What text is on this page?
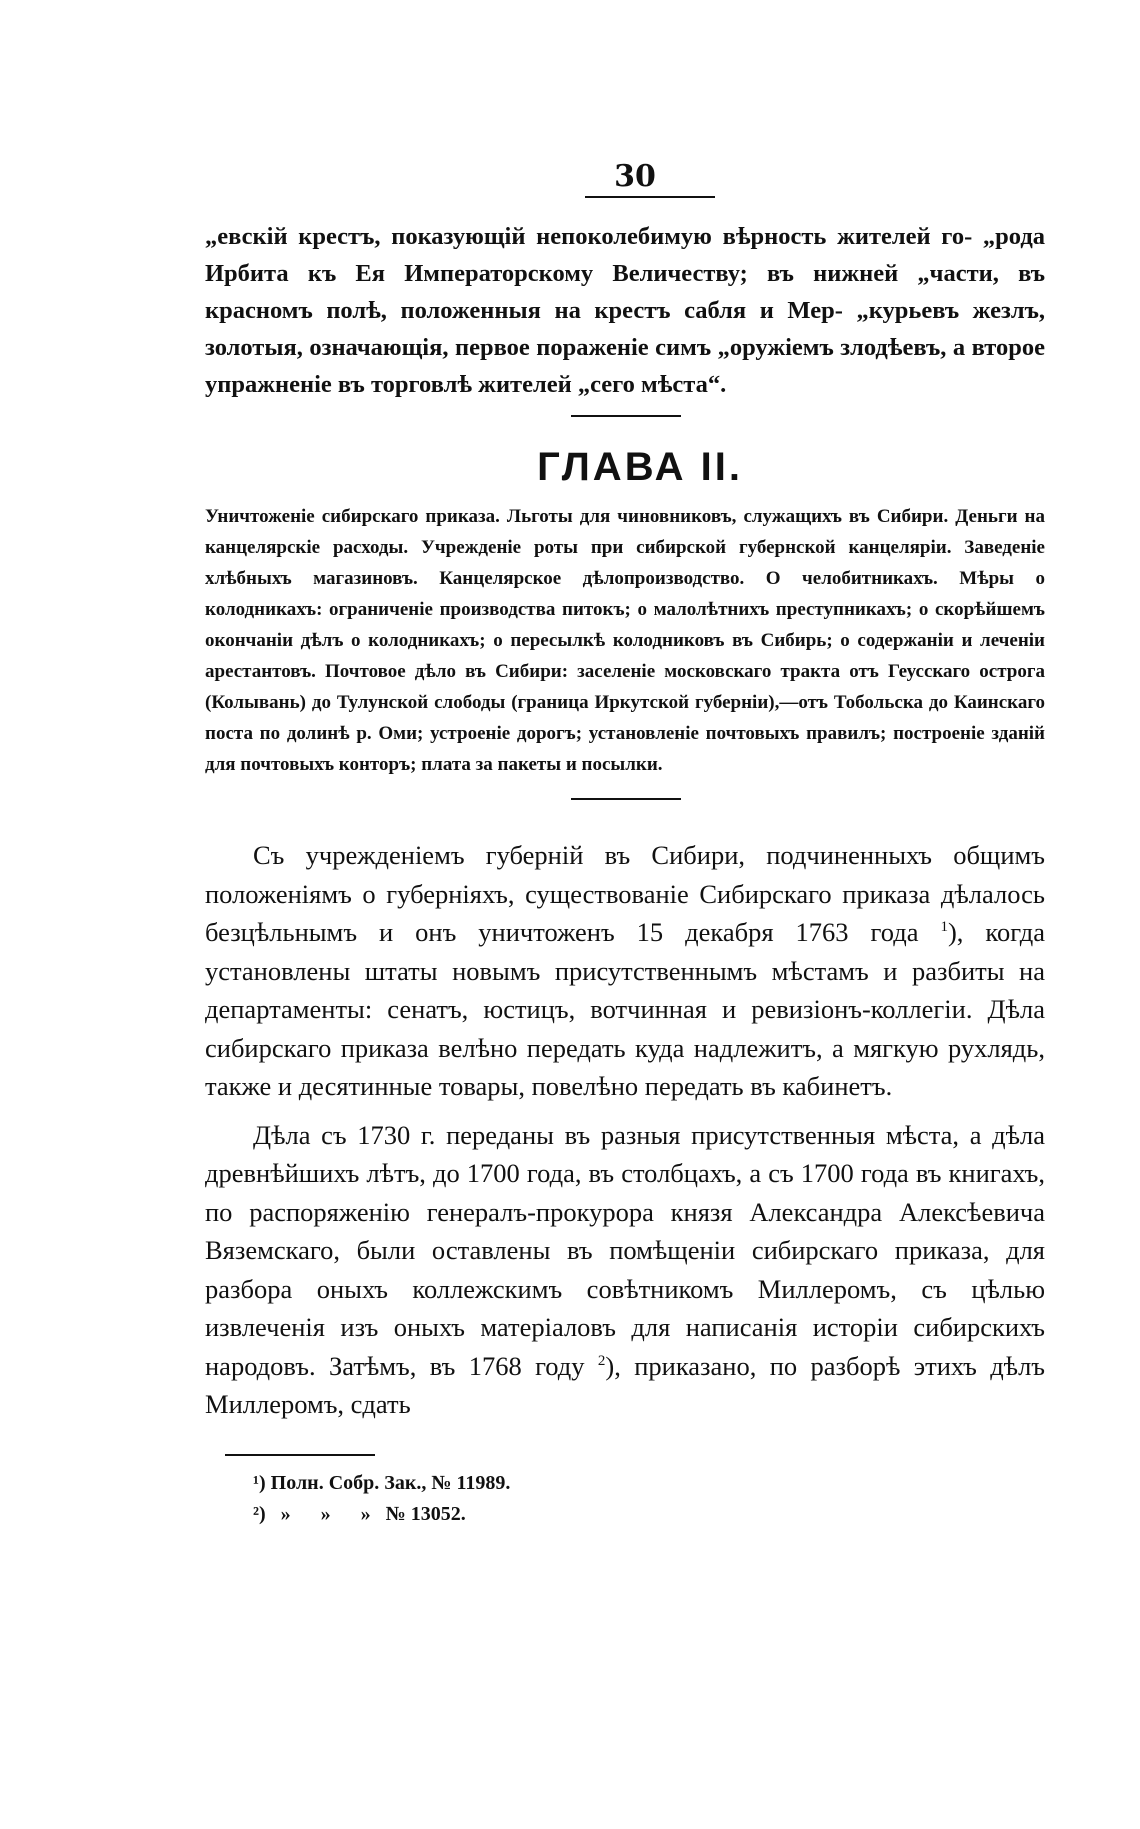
30

„евскій крестъ, показующій непоколебимую вѣрность жителей го- „рода Ирбита къ Ея Императорскому Величеству; въ нижней „части, въ красномъ полѣ, положенныя на крестъ сабля и Мер- „курьевъ жезлъ, золотыя, означающія, первое пораженіе симъ „оружіемъ злодѣевъ, а второе упражненіе въ торговлѣ жителей „сего мѣста“.

ГЛАВА II.

Уничтоженіе сибирскаго приказа. Льготы для чиновниковъ, служащихъ въ Сибири. Деньги на канцелярскіе расходы. Учрежденіе роты при сибирской губернской канцеляріи. Заведеніе хлѣбныхъ магазиновъ. Канцелярское дѣлопроизводство. О челобитникахъ. Мѣры о колодникахъ: ограниченіе производства питокъ; о малолѣтнихъ преступникахъ; о скорѣйшемъ окончаніи дѣлъ о колодникахъ; о пересылкѣ колодниковъ въ Сибирь; о содержаніи и леченіи арестантовъ. Почтовое дѣло въ Сибири: заселеніе московскаго тракта отъ Геусскаго острога (Колывань) до Тулунской слободы (граница Иркутской губерніи),—отъ Тобольска до Каинскаго поста по долинѣ р. Оми; устроеніе дорогъ; установленіе почтовыхъ правилъ; построеніе зданій для почтовыхъ конторъ; плата за пакеты и посылки.

Съ учрежденіемъ губерній въ Сибири, подчиненныхъ общимъ положеніямъ о губерніяхъ, существованіе Сибирскаго приказа дѣлалось безцѣльнымъ и онъ уничтоженъ 15 декабря 1763 года $^1$), когда установлены штаты новымъ присутственнымъ мѣстамъ и разбиты на департаменты: сенатъ, юстицъ, вотчинная и ревизіонъ-коллегіи. Дѣла сибирскаго приказа велѣно передать куда надлежитъ, а мягкую рухлядь, также и десятинные товары, повелѣно передать въ кабинетъ.

Дѣла съ 1730 г. переданы въ разныя присутственныя мѣста, а дѣла древнѣйшихъ лѣтъ, до 1700 года, въ столбцахъ, а съ 1700 года въ книгахъ, по распоряженію генералъ-прокурора князя Александра Алексѣевича Вяземскаго, были оставлены въ помѣщеніи сибирскаго приказа, для разбора оныхъ коллежскимъ совѣтникомъ Миллеромъ, съ цѣлью извлеченія изъ оныхъ матеріаловъ для написанія исторіи сибирскихъ народовъ. Затѣмъ, въ 1768 году $^2$), приказано, по разборѣ этихъ дѣлъ Миллеромъ, сдать

¹) Полн. Собр. Зак., № 11989.

²)   »      »      »   № 13052.
